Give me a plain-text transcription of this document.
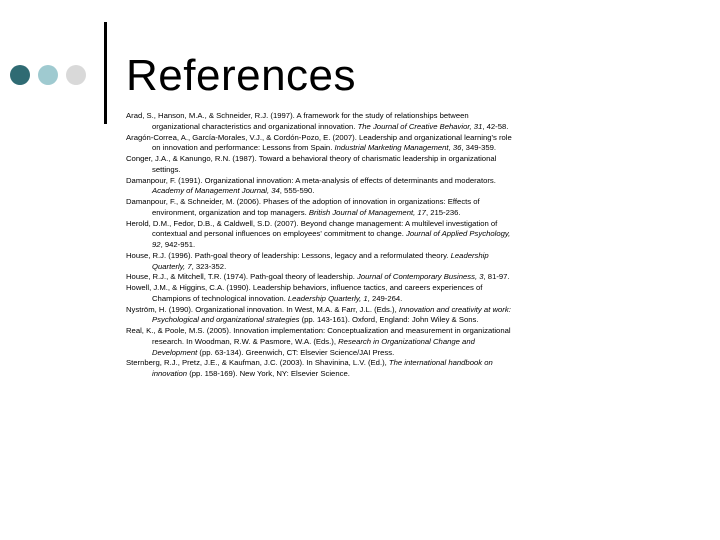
References

Arad, S., Hanson, M.A., & Schneider, R.J. (1997). A framework for the study of relationships between organizational characteristics and organizational innovation. The Journal of Creative Behavior, 31, 42-58.

Aragón-Correa, A., García-Morales, V.J., & Cordón-Pozo, E. (2007). Leadership and organizational learning's role on innovation and performance: Lessons from Spain. Industrial Marketing Management, 36, 349-359.

Conger, J.A., & Kanungo, R.N. (1987). Toward a behavioral theory of charismatic leadership in organizational settings.

Damanpour, F. (1991). Organizational innovation: A meta-analysis of effects of determinants and moderators. Academy of Management Journal, 34, 555-590.

Damanpour, F., & Schneider, M. (2006). Phases of the adoption of innovation in organizations: Effects of environment, organization and top managers. British Journal of Management, 17, 215-236.

Herold, D.M., Fedor, D.B., & Caldwell, S.D. (2007). Beyond change management: A multilevel investigation of contextual and personal influences on employees' commitment to change. Journal of Applied Psychology, 92, 942-951.

House, R.J. (1996). Path-goal theory of leadership: Lessons, legacy and a reformulated theory. Leadership Quarterly, 7, 323-352.

House, R.J., & Mitchell, T.R. (1974). Path-goal theory of leadership. Journal of Contemporary Business, 3, 81-97.

Howell, J.M., & Higgins, C.A. (1990). Leadership behaviors, influence tactics, and careers experiences of Champions of technological innovation. Leadership Quarterly, 1, 249-264.

Nyström, H. (1990). Organizational innovation. In West, M.A. & Farr, J.L. (Eds.), Innovation and creativity at work: Psychological and organizational strategies (pp. 143-161). Oxford, England: John Wiley & Sons.

Real, K., & Poole, M.S. (2005). Innovation implementation: Conceptualization and measurement in organizational research. In Woodman, R.W. & Pasmore, W.A. (Eds.), Research in Organizational Change and Development (pp. 63-134). Greenwich, CT: Elsevier Science/JAI Press.

Sternberg, R.J., Pretz, J.E., & Kaufman, J.C. (2003). In Shavinina, L.V. (Ed.), The international handbook on innovation (pp. 158-169). New York, NY: Elsevier Science.
